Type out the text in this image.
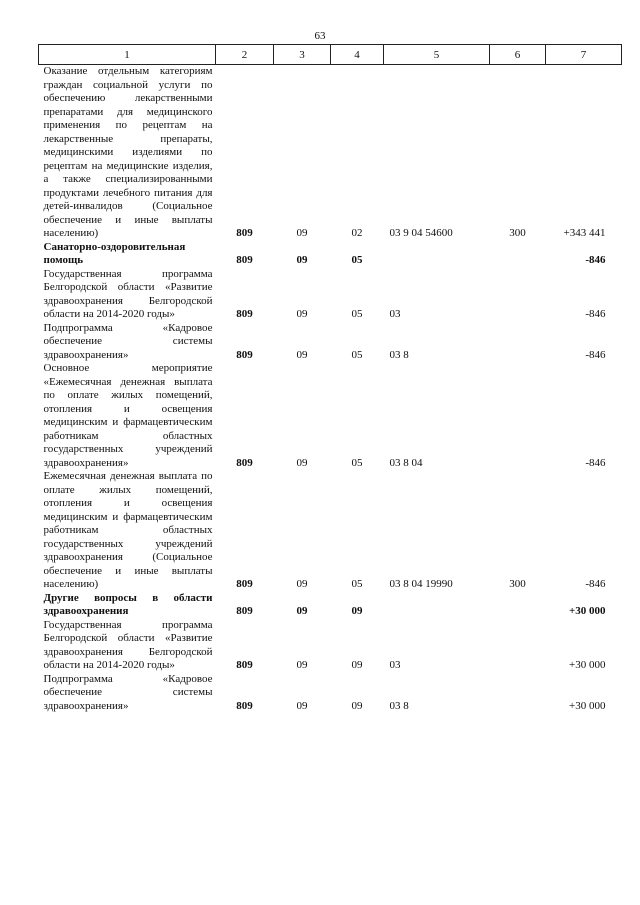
63
1	2	3	4	5	6	7
Оказание отдельным категориям граждан социальной услуги по обеспечению лекарственными препаратами для медицинского применения по рецептам на лекарственные препараты, медицинскими изделиями по рецептам на медицинские изделия, а также специализированными продуктами лечебного питания для детей-инвалидов (Социальное обеспечение и иные выплаты населению)	809	09	02	03 9 04 54600	300	+343 441
Санаторно-оздоровительная помощь	809	09	05			-846
Государственная программа Белгородской области «Развитие здравоохранения Белгородской области на 2014-2020 годы»	809	09	05	03		-846
Подпрограмма «Кадровое обеспечение системы здравоохранения»	809	09	05	03 8		-846
Основное мероприятие «Ежемесячная денежная выплата по оплате жилых помещений, отопления и освещения медицинским и фармацевтическим работникам областных государственных учреждений здравоохранения»	809	09	05	03 8 04		-846
Ежемесячная денежная выплата по оплате жилых помещений, отопления и освещения медицинским и фармацевтическим работникам областных государственных учреждений здравоохранения (Социальное обеспечение и иные выплаты населению)	809	09	05	03 8 04 19990	300	-846
Другие вопросы в области здравоохранения	809	09	09			+30 000
Государственная программа Белгородской области «Развитие здравоохранения Белгородской области на 2014-2020 годы»	809	09	09	03		+30 000
Подпрограмма «Кадровое обеспечение системы здравоохранения»	809	09	09	03 8		+30 000
